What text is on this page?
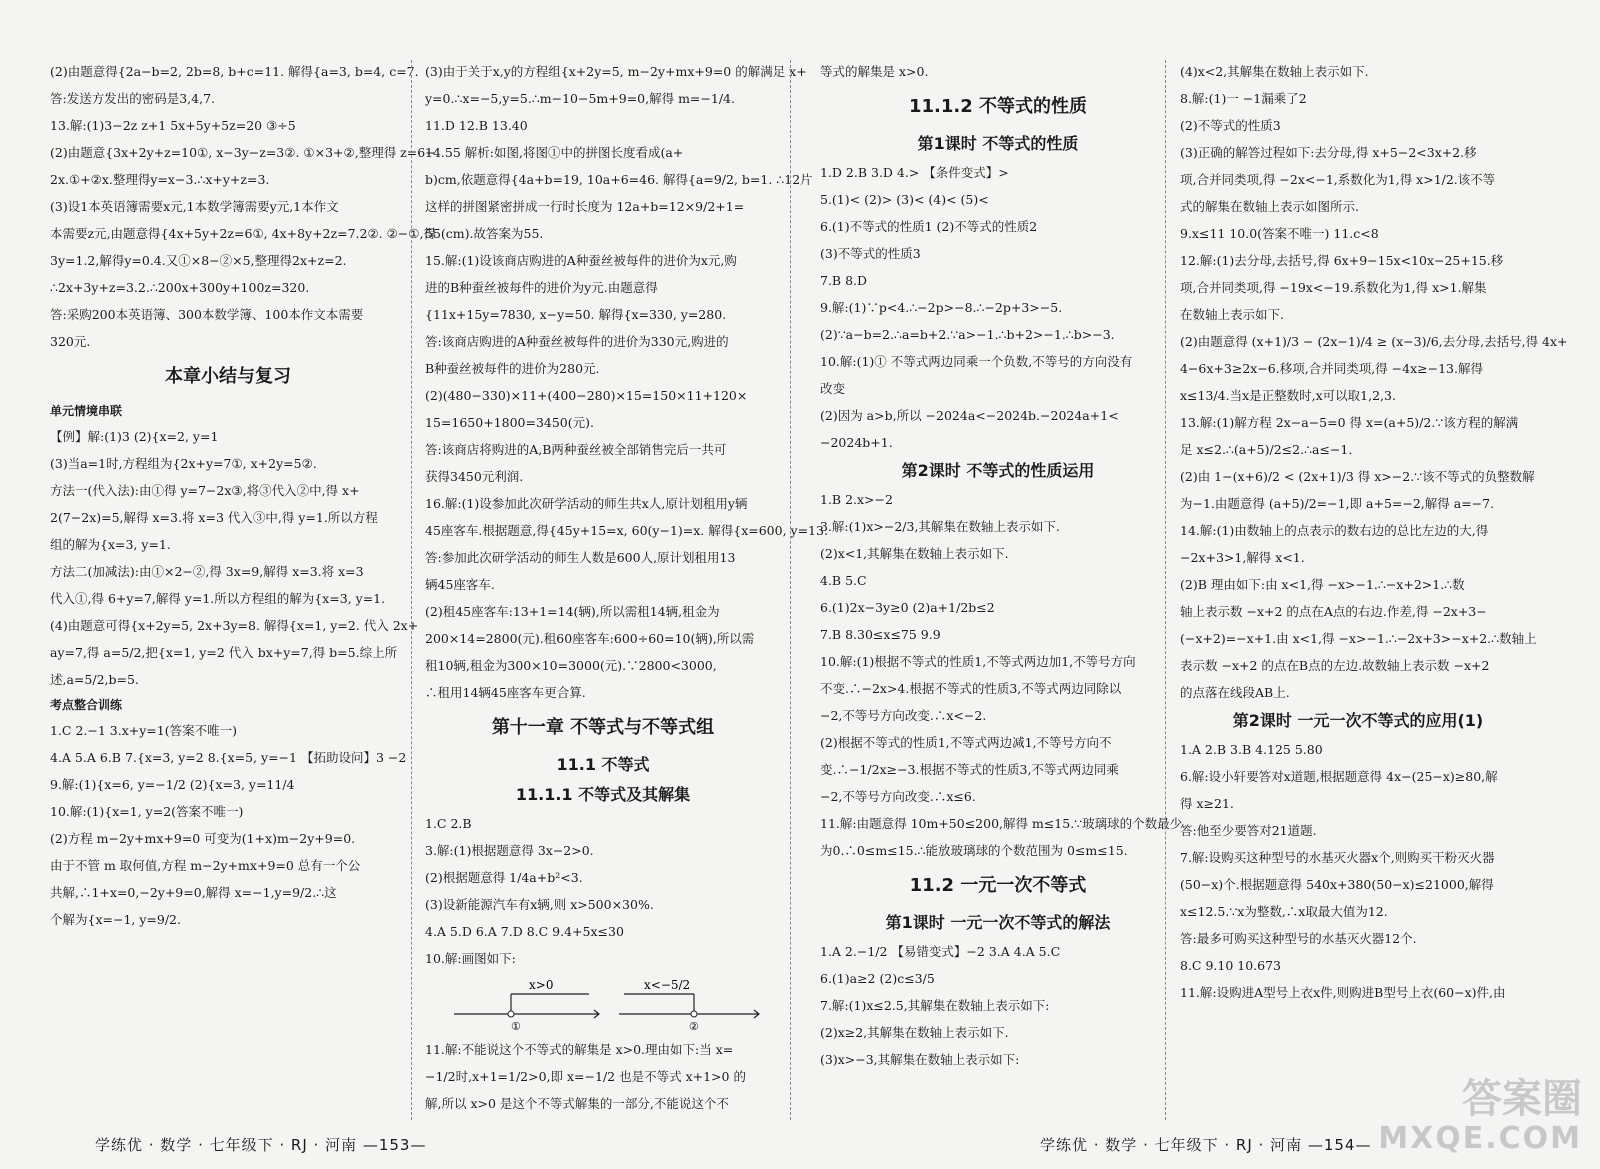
(2)由题意得{2a−b=2, 2b=8, b+c=11. 解得{a=3, b=4, c=7.
答:发送方发出的密码是3,4,7.
13.解:(1)3−2z z+1 5x+5y+5z=20 ③÷5
(2)由题意{3x+2y+z=10①, x−3y−z=3②. ①×3+②,整理得 z=6−
2x.①+②x.整理得y=x−3.∴x+y+z=3.
(3)设1本英语簿需要x元,1本数学簿需要y元,1本作文
本需要z元,由题意得{4x+5y+2z=6①, 4x+8y+2z=7.2②. ②−①,得
3y=1.2,解得y=0.4.又①×8−②×5,整理得2x+z=2.
∴2x+3y+z=3.2.∴200x+300y+100z=320.
答:采购200本英语簿、300本数学簿、100本作文本需要
320元.
本章小结与复习
单元情境串联
【例】解:(1)3 (2){x=2, y=1
(3)当a=1时,方程组为{2x+y=7①, x+2y=5②.
方法一(代入法):由①得 y=7−2x③,将③代入②中,得 x+
2(7−2x)=5,解得 x=3.将 x=3 代入③中,得 y=1.所以方程
组的解为{x=3, y=1.
方法二(加减法):由①×2−②,得 3x=9,解得 x=3.将 x=3
代入①,得 6+y=7,解得 y=1.所以方程组的解为{x=3, y=1.
(4)由题意可得{x+2y=5, 2x+3y=8. 解得{x=1, y=2. 代入 2x+
ay=7,得 a=5/2,把{x=1, y=2 代入 bx+y=7,得 b=5.综上所
述,a=5/2,b=5.
考点整合训练
1.C 2.−1 3.x+y=1(答案不唯一)
4.A 5.A 6.B 7.{x=3, y=2 8.{x=5, y=−1 【拓助设问】3 −2
9.解:(1){x=6, y=−1/2 (2){x=3, y=11/4
10.解:(1){x=1, y=2(答案不唯一)
(2)方程 m−2y+mx+9=0 可变为(1+x)m−2y+9=0.
由于不管 m 取何值,方程 m−2y+mx+9=0 总有一个公
共解,∴1+x=0,−2y+9=0,解得 x=−1,y=9/2.∴这
个解为{x=−1, y=9/2.
(3)由于关于x,y的方程组{x+2y=5, m−2y+mx+9=0 的解满足 x+
y=0.∴x=−5,y=5.∴m−10−5m+9=0,解得 m=−1/4.
11.D 12.B 13.40
14.55 解析:如图,将图①中的拼图长度看成(a+
b)cm,依题意得{4a+b=19, 10a+6=46. 解得{a=9/2, b=1. ∴12片
这样的拼图紧密拼成一行时长度为 12a+b=12×9/2+1=
55(cm).故答案为55.
15.解:(1)设该商店购进的A种蚕丝被每件的进价为x元,购
进的B种蚕丝被每件的进价为y元.由题意得
{11x+15y=7830, x−y=50. 解得{x=330, y=280.
答:该商店购进的A种蚕丝被每件的进价为330元,购进的
B种蚕丝被每件的进价为280元.
(2)(480−330)×11+(400−280)×15=150×11+120×
15=1650+1800=3450(元).
答:该商店将购进的A,B两种蚕丝被全部销售完后一共可
获得3450元利润.
16.解:(1)设参加此次研学活动的师生共x人,原计划租用y辆
45座客车.根据题意,得{45y+15=x, 60(y−1)=x. 解得{x=600, y=13.
答:参加此次研学活动的师生人数是600人,原计划租用13
辆45座客车.
(2)租45座客车:13+1=14(辆),所以需租14辆,租金为
200×14=2800(元).租60座客车:600÷60=10(辆),所以需
租10辆,租金为300×10=3000(元).∵2800<3000,
∴租用14辆45座客车更合算.
第十一章 不等式与不等式组
11.1 不等式
11.1.1 不等式及其解集
1.C 2.B
3.解:(1)根据题意得 3x−2>0.
(2)根据题意得 1/4a+b²<3.
(3)设新能源汽车有x辆,则 x>500×30%.
4.A 5.D 6.A 7.D 8.C 9.4+5x≤30
10.解:画图如下:
x>0	x<−5/2
①	②
11.解:不能说这个不等式的解集是 x>0.理由如下:当 x=
−1/2时,x+1=1/2>0,即 x=−1/2 也是不等式 x+1>0 的
解,所以 x>0 是这个不等式解集的一部分,不能说这个不
学练优 · 数学 · 七年级下 · RJ · 河南 —153—
等式的解集是 x>0.
11.1.2 不等式的性质
第1课时 不等式的性质
1.D 2.B 3.D 4.> 【条件变式】>
5.(1)< (2)> (3)< (4)< (5)<
6.(1)不等式的性质1 (2)不等式的性质2
(3)不等式的性质3
7.B 8.D
9.解:(1)∵p<4.∴−2p>−8.∴−2p+3>−5.
(2)∵a−b=2.∴a=b+2.∵a>−1.∴b+2>−1.∴b>−3.
10.解:(1)① 不等式两边同乘一个负数,不等号的方向没有
改变
(2)因为 a>b,所以 −2024a<−2024b.−2024a+1<
−2024b+1.
第2课时 不等式的性质运用
1.B 2.x>−2
3.解:(1)x>−2/3,其解集在数轴上表示如下.
(2)x<1,其解集在数轴上表示如下.
4.B 5.C
6.(1)2x−3y≥0 (2)a+1/2b≤2
7.B 8.30≤x≤75 9.9
10.解:(1)根据不等式的性质1,不等式两边加1,不等号方向
不变.∴−2x>4.根据不等式的性质3,不等式两边同除以
−2,不等号方向改变.∴x<−2.
(2)根据不等式的性质1,不等式两边减1,不等号方向不
变.∴−1/2x≥−3.根据不等式的性质3,不等式两边同乘
−2,不等号方向改变.∴x≤6.
11.解:由题意得 10m+50≤200,解得 m≤15.∵玻璃球的个数最少
为0.∴0≤m≤15.∴能放玻璃球的个数范围为 0≤m≤15.
11.2 一元一次不等式
第1课时 一元一次不等式的解法
1.A 2.−1/2 【易错变式】−2 3.A 4.A 5.C
6.(1)a≥2 (2)c≤3/5
7.解:(1)x≤2.5,其解集在数轴上表示如下:
(2)x≥2,其解集在数轴上表示如下.
(3)x>−3,其解集在数轴上表示如下:
(4)x<2,其解集在数轴上表示如下.
8.解:(1)一 −1漏乘了2
(2)不等式的性质3
(3)正确的解答过程如下:去分母,得 x+5−2<3x+2.移
项,合并同类项,得 −2x<−1,系数化为1,得 x>1/2.该不等
式的解集在数轴上表示如图所示.
9.x≤11 10.0(答案不唯一) 11.c<8
12.解:(1)去分母,去括号,得 6x+9−15x<10x−25+15.移
项,合并同类项,得 −19x<−19.系数化为1,得 x>1.解集
在数轴上表示如下.
(2)由题意得 (x+1)/3 − (2x−1)/4 ≥ (x−3)/6,去分母,去括号,得 4x+
4−6x+3≥2x−6.移项,合并同类项,得 −4x≥−13.解得
x≤13/4.当x是正整数时,x可以取1,2,3.
13.解:(1)解方程 2x−a−5=0 得 x=(a+5)/2.∵该方程的解满
足 x≤2.∴(a+5)/2≤2.∴a≤−1.
(2)由 1−(x+6)/2 < (2x+1)/3 得 x>−2.∵该不等式的负整数解
为−1.由题意得 (a+5)/2=−1,即 a+5=−2,解得 a=−7.
14.解:(1)由数轴上的点表示的数右边的总比左边的大,得
−2x+3>1,解得 x<1.
(2)B 理由如下:由 x<1,得 −x>−1.∴−x+2>1.∴数
轴上表示数 −x+2 的点在A点的右边.作差,得 −2x+3−
(−x+2)=−x+1.由 x<1,得 −x>−1.∴−2x+3>−x+2.∴数轴上
表示数 −x+2 的点在B点的左边.故数轴上表示数 −x+2
的点落在线段AB上.
第2课时 一元一次不等式的应用(1)
1.A 2.B 3.B 4.125 5.80
6.解:设小轩要答对x道题,根据题意得 4x−(25−x)≥80,解
得 x≥21.
答:他至少要答对21道题.
7.解:设购买这种型号的水基灭火器x个,则购买干粉灭火器
(50−x)个.根据题意得 540x+380(50−x)≤21000,解得
x≤12.5.∵x为整数,∴x取最大值为12.
答:最多可购买这种型号的水基灭火器12个.
8.C 9.10 10.673
11.解:设购进A型号上衣x件,则购进B型号上衣(60−x)件,由
学练优 · 数学 · 七年级下 · RJ · 河南 —154—
答案圈
MXQE.COM
